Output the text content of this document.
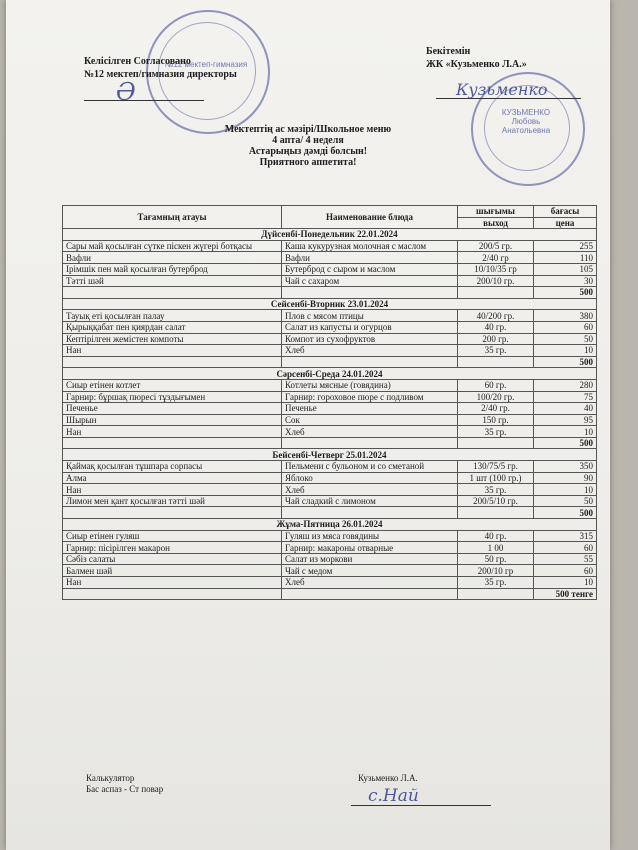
№12 мектеп-гимназия
КУЗЬМЕНКО Любовь Анатольевна
Келісілген Согласовано
№12 мектеп/гимназия директоры
Ә
Бекітемін
ЖК «Кузьменко Л.А.»
Кузьменко
Мектептің ас мәзірі/Школьное меню
4 апта/ 4 неделя
Астарыңыз дәмді болсын!
Приятного аппетита!
Тағамның атауы	Наименование блюда	шығымы	бағасы
		выход	цена
Дүйсенбі-Понедельник 22.01.2024			
Сары май қосылған сүтке піскен жүгері ботқасы	Каша кукурузная молочная с маслом	200/5 гр.	255
Вафли	Вафли	2/40 гр	110
Ірімшік пен май қосылған бутерброд	Бутерброд с сыром и маслом	10/10/35 гр	105
Тәтті шәй	Чай с сахаром	200/10 гр.	30
			500
Сейсенбі-Вторник 23.01.2024			
Тауық еті қосылған палау	Плов с мясом птицы	40/200 гр.	380
Қырыққабат пен қиярдан салат	Салат из капусты и огурцов	40 гр.	60
Кептірілген жемістен компоты	Компот из сухофруктов	200 гр.	50
Нан	Хлеб	35 гр.	10
			500
Сәрсенбі-Среда 24.01.2024			
Сиыр етінен котлет	Котлеты мясные (говядина)	60 гр.	280
Гарнир: бұршақ пюресі тұздығымен	Гарнир: гороховое пюре с подливом	100/20 гр.	75
Печенье	Печенье	2/40 гр.	40
Шырын	Сок	150 гр.	95
Нан	Хлеб	35 гр.	10
			500
Бейсенбі-Четверг 25.01.2024			
Қаймақ қосылған тұшпара сорпасы	Пельмени с бульоном и со сметаной	130/75/5 гр.	350
Алма	Яблоко	1 шт (100 гр.)	90
Нан	Хлеб	35 гр.	10
Лимон мен қант қосылған тәтті шәй	Чай сладкий с лимоном	200/5/10 гр.	50
			500
Жұма-Пятница 26.01.2024			
Сиыр етінен гуляш	Гуляш из мяса говядины	40 гр.	315
Гарнир: пісірілген макарон	Гарнир: макароны отварные	1 00	60
Сәбіз салаты	Салат из моркови	50 гр.	55
Балмен шәй	Чай с медом	200/10 гр	60
Нан	Хлеб	35 гр.	10
			500 тенге
Калькулятор
Бас аспаз - Ст повар
Кузьменко Л.А.
с.Най
